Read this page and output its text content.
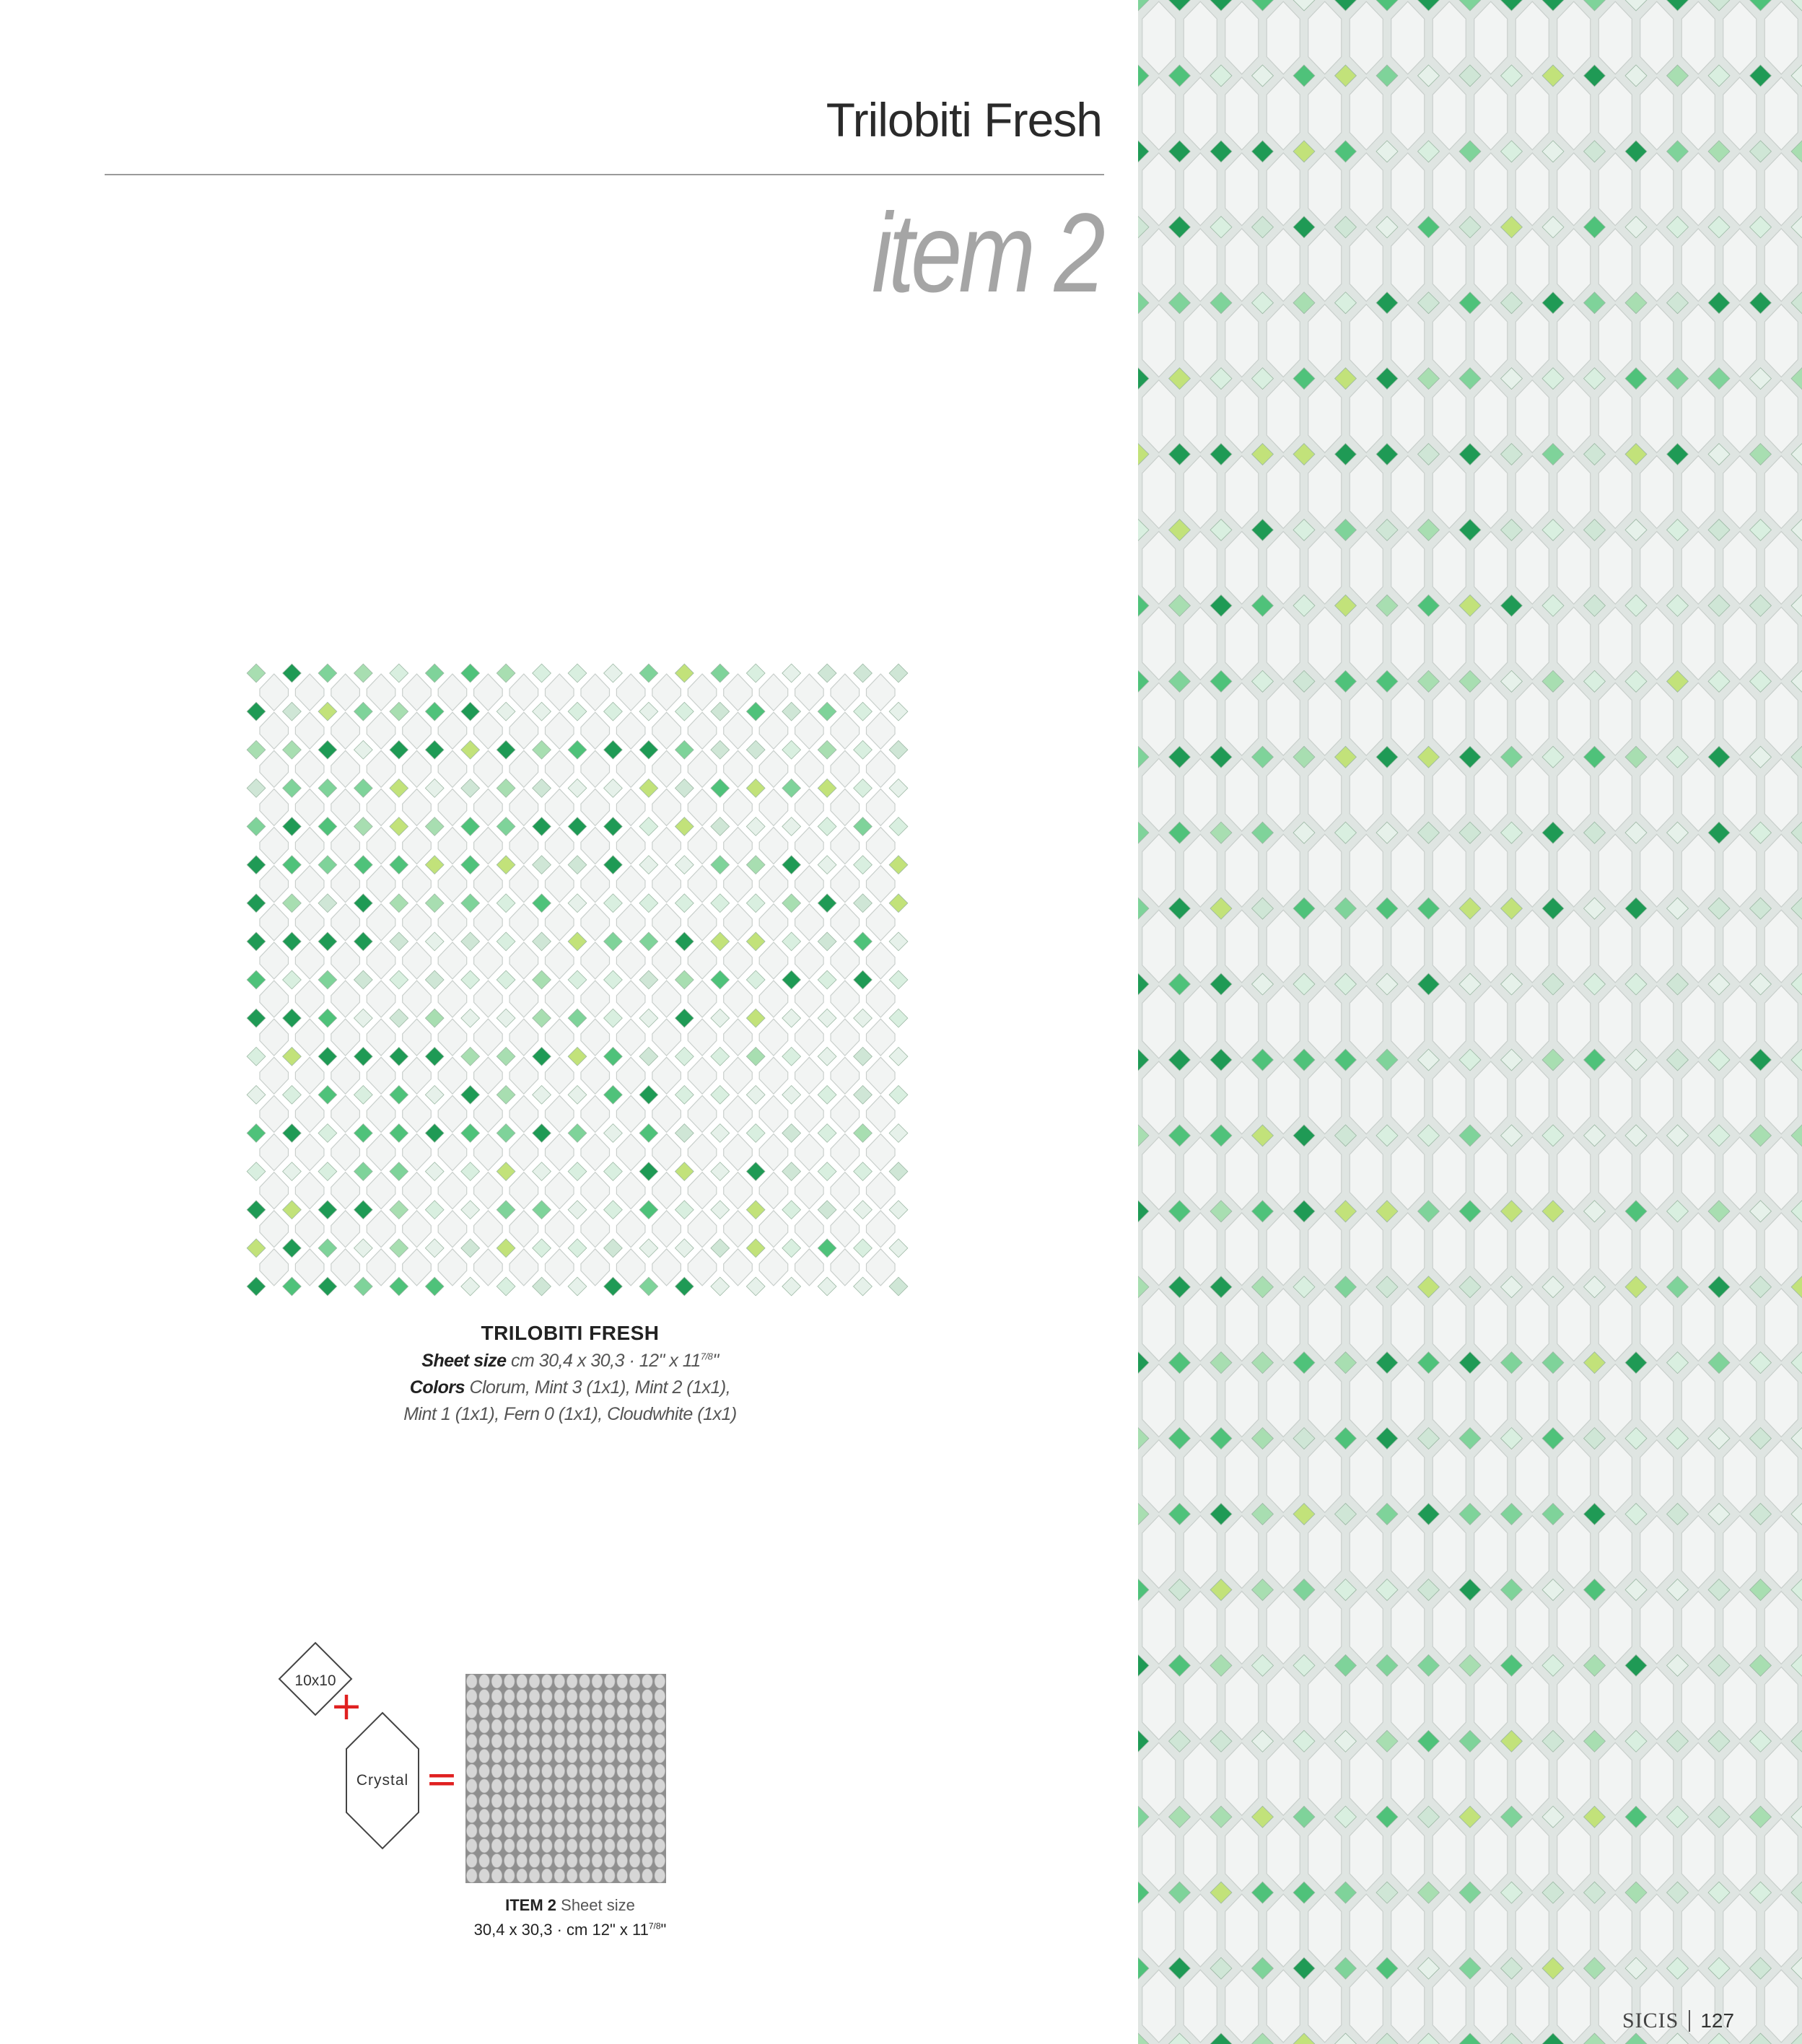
Trilobiti Fresh
item 2
TRILOBITI FRESH
Sheet size cm 30,4 x 30,3 · 12" x $11^{7/8}$"
Colors Clorum, Mint 3 (1x1), Mint 2 (1x1),
Mint 1 (1x1), Fern 0 (1x1), Cloudwhite (1x1)
10x10
+
Crystal =
ITEM 2 Sheet size
30,4 x 30,3 · cm 12" x $11^{7/8}$"
SICIS 127
